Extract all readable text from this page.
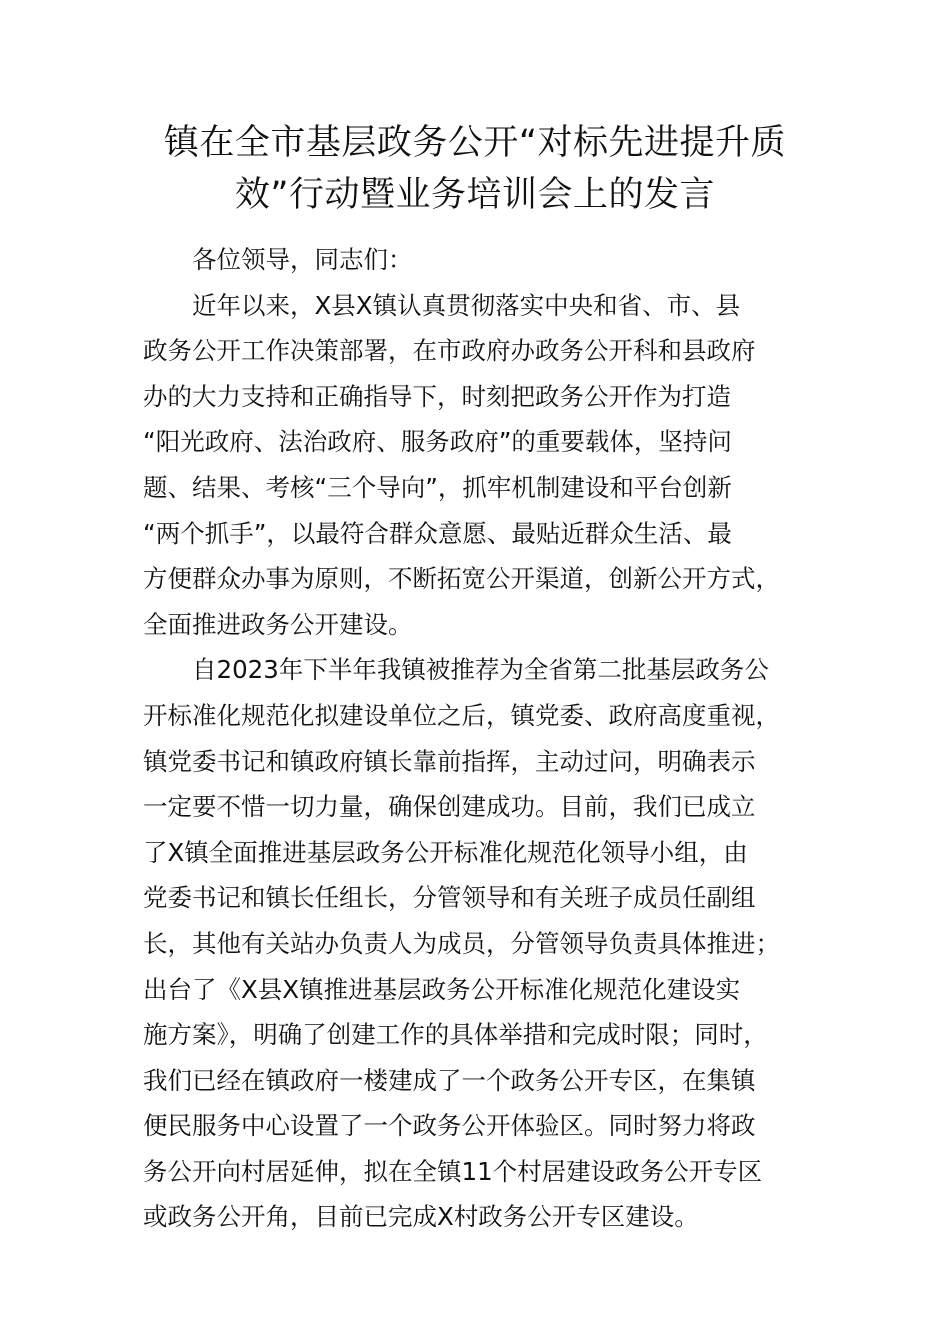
镇在全市基层政务公开“对标先进提升质
效”行动暨业务培训会上的发言
各位领导，同志们：
近年以来，X县X镇认真贯彻落实中央和省、市、县
政务公开工作决策部署，在市政府办政务公开科和县政府
办的大力支持和正确指导下，时刻把政务公开作为打造
“阳光政府、法治政府、服务政府”的重要载体，坚持问
题、结果、考核“三个导向”，抓牢机制建设和平台创新
“两个抓手”，以最符合群众意愿、最贴近群众生活、最
方便群众办事为原则，不断拓宽公开渠道，创新公开方式，
全面推进政务公开建设。
自2023年下半年我镇被推荐为全省第二批基层政务公
开标准化规范化拟建设单位之后，镇党委、政府高度重视，
镇党委书记和镇政府镇长靠前指挥，主动过问，明确表示
一定要不惜一切力量，确保创建成功。目前，我们已成立
了X镇全面推进基层政务公开标准化规范化领导小组，由
党委书记和镇长任组长，分管领导和有关班子成员任副组
长，其他有关站办负责人为成员，分管领导负责具体推进；
出台了《X县X镇推进基层政务公开标准化规范化建设实
施方案》，明确了创建工作的具体举措和完成时限；同时，
我们已经在镇政府一楼建成了一个政务公开专区，在集镇
便民服务中心设置了一个政务公开体验区。同时努力将政
务公开向村居延伸，拟在全镇11个村居建设政务公开专区
或政务公开角，目前已完成X村政务公开专区建设。
